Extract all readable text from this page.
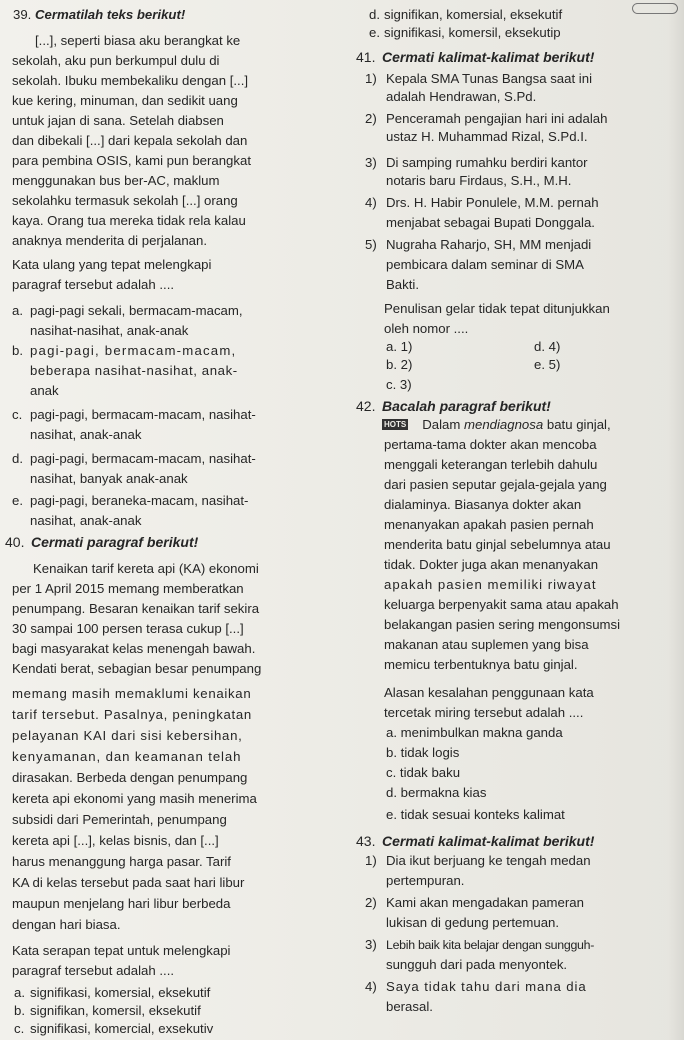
39. Cermatilah teks berikut!
[...], seperti biasa aku berangkat ke
sekolah, aku pun berkumpul dulu di
sekolah. Ibuku membekaliku dengan [...]
kue kering, minuman, dan sedikit uang
untuk jajan di sana. Setelah diabsen
dan dibekali [...] dari kepala sekolah dan
para pembina OSIS, kami pun berangkat
menggunakan bus ber-AC, maklum
sekolahku termasuk sekolah [...] orang
kaya. Orang tua mereka tidak rela kalau
anaknya menderita di perjalanan.
Kata ulang yang tepat melengkapi
paragraf tersebut adalah ....
a. pagi-pagi sekali, bermacam-macam,
nasihat-nasihat, anak-anak
b. pagi-pagi, bermacam-macam,
beberapa nasihat-nasihat, anak-
anak
c. pagi-pagi, bermacam-macam, nasihat-
nasihat, anak-anak
d. pagi-pagi, bermacam-macam, nasihat-
nasihat, banyak anak-anak
e. pagi-pagi, beraneka-macam, nasihat-
nasihat, anak-anak
40. Cermati paragraf berikut!
Kenaikan tarif kereta api (KA) ekonomi
per 1 April 2015 memang memberatkan
penumpang. Besaran kenaikan tarif sekira
30 sampai 100 persen terasa cukup [...]
bagi masyarakat kelas menengah bawah.
Kendati berat, sebagian besar penumpang
memang masih memaklumi kenaikan
tarif tersebut. Pasalnya, peningkatan
pelayanan KAI dari sisi kebersihan,
kenyamanan, dan keamanan telah
dirasakan. Berbeda dengan penumpang
kereta api ekonomi yang masih menerima
subsidi dari Pemerintah, penumpang
kereta api [...], kelas bisnis, dan [...]
harus menanggung harga pasar. Tarif
KA di kelas tersebut pada saat hari libur
maupun menjelang hari libur berbeda
dengan hari biasa.
Kata serapan tepat untuk melengkapi
paragraf tersebut adalah ....
a. signifikasi, komersial, eksekutif
b. signifikan, komersil, eksekutif
c. signifikasi, komercial, exsekutiv
d. signifikan, komersial, eksekutif
e. signifikasi, komersil, eksekutip
41. Cermati kalimat-kalimat berikut!
1) Kepala SMA Tunas Bangsa saat ini
adalah Hendrawan, S.Pd.
2) Penceramah pengajian hari ini adalah
ustaz H. Muhammad Rizal, S.Pd.I.
3) Di samping rumahku berdiri kantor
notaris baru Firdaus, S.H., M.H.
4) Drs. H. Habir Ponulele, M.M. pernah
menjabat sebagai Bupati Donggala.
5) Nugraha Raharjo, SH, MM menjadi
pembicara dalam seminar di SMA
Bakti.
Penulisan gelar tidak tepat ditunjukkan
oleh nomor ....
a. 1)
b. 2)
c. 3)
d. 4)
e. 5)
42. Bacalah paragraf berikut!
HOTS Dalam mendiagnosa batu ginjal,
pertama-tama dokter akan mencoba
menggali keterangan terlebih dahulu
dari pasien seputar gejala-gejala yang
dialaminya. Biasanya dokter akan
menanyakan apakah pasien pernah
menderita batu ginjal sebelumnya atau
tidak. Dokter juga akan menanyakan
apakah pasien memiliki riwayat
keluarga berpenyakit sama atau apakah
belakangan pasien sering mengonsumsi
makanan atau suplemen yang bisa
memicu terbentuknya batu ginjal.
Alasan kesalahan penggunaan kata
tercetak miring tersebut adalah ....
a. menimbulkan makna ganda
b. tidak logis
c. tidak baku
d. bermakna kias
e. tidak sesuai konteks kalimat
43. Cermati kalimat-kalimat berikut!
1) Dia ikut berjuang ke tengah medan
pertempuran.
2) Kami akan mengadakan pameran
lukisan di gedung pertemuan.
3) Lebih baik kita belajar dengan sungguh-
sungguh dari pada menyontek.
4) Saya tidak tahu dari mana dia
berasal.
